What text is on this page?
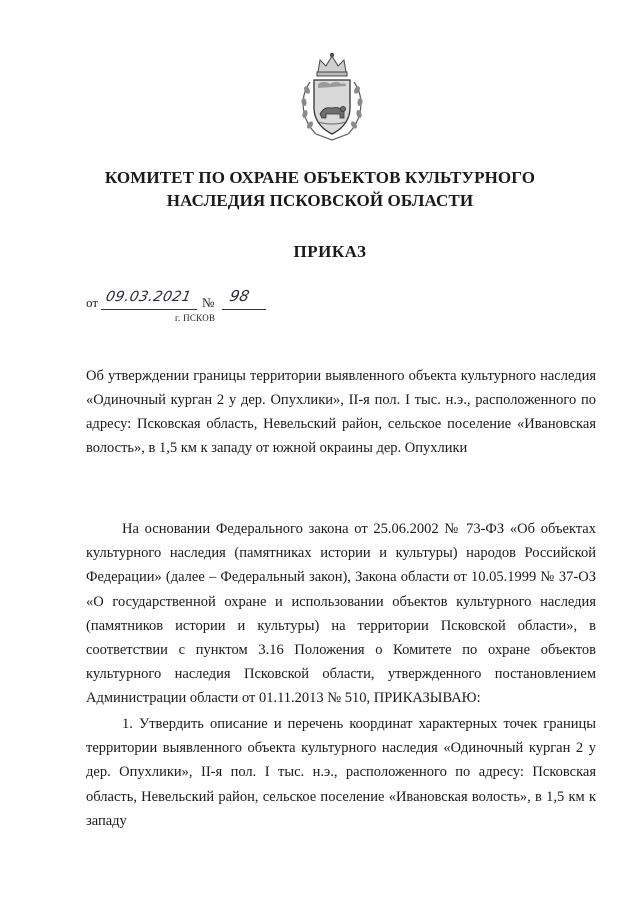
КОМИТЕТ ПО ОХРАНЕ ОБЪЕКТОВ КУЛЬТУРНОГО
НАСЛЕДИЯ ПСКОВСКОЙ ОБЛАСТИ
ПРИКАЗ
от 09.03.2021 № 98
г. ПСКОВ
Об утверждении границы территории выявленного объекта культурного наследия «Одиночный курган 2 у дер. Опухлики», II-я пол. I тыс. н.э., расположенного по адресу: Псковская область, Невельский район, сельское поселение «Ивановская волость», в 1,5 км к западу от южной окраины дер. Опухлики

На основании Федерального закона от 25.06.2002 № 73-ФЗ «Об объектах культурного наследия (памятниках истории и культуры) народов Российской Федерации» (далее – Федеральный закон), Закона области от 10.05.1999 № 37-ОЗ «О государственной охране и использовании объектов культурного наследия (памятников истории и культуры) на территории Псковской области», в соответствии с пунктом 3.16 Положения о Комитете по охране объектов культурного наследия Псковской области, утвержденного постановлением Администрации области от 01.11.2013 № 510, ПРИКАЗЫВАЮ:

1. Утвердить описание и перечень координат характерных точек границы территории выявленного объекта культурного наследия «Одиночный курган 2 у дер. Опухлики», II-я пол. I тыс. н.э., расположенного по адресу: Псковская область, Невельский район, сельское поселение «Ивановская волость», в 1,5 км к западу
